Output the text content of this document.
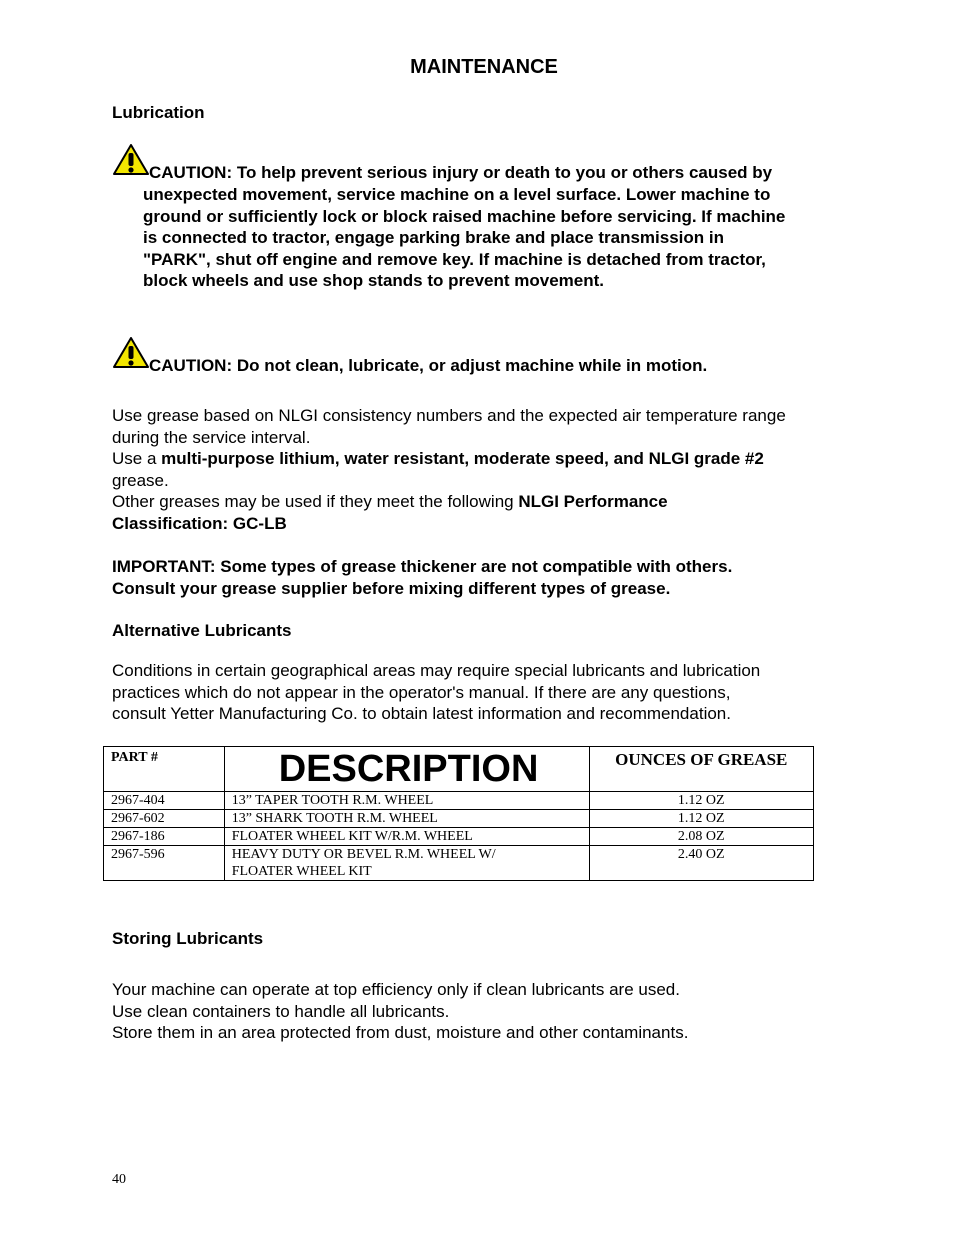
MAINTENANCE
Lubrication
CAUTION: To help prevent serious injury or death to you or others caused by
unexpected movement, service machine on a level surface. Lower machine to
ground or sufficiently lock or block raised machine before servicing. If machine
is connected to tractor, engage parking brake and place transmission in
"PARK", shut off engine and remove key. If machine is detached from tractor,
block wheels and use shop stands to prevent movement.
CAUTION: Do not clean, lubricate, or adjust machine while in motion.
Use grease based on NLGI consistency numbers and the expected air temperature range
during the service interval.
Use a multi-purpose lithium, water resistant, moderate speed, and NLGI grade #2
grease.
Other greases may be used if they meet the following NLGI Performance
Classification: GC-LB
IMPORTANT: Some types of grease thickener are not compatible with others.
Consult your grease supplier before mixing different types of grease.
Alternative Lubricants
Conditions in certain geographical areas may require special lubricants and lubrication
practices which do not appear in the operator's manual. If there are any questions,
consult Yetter Manufacturing Co. to obtain latest information and recommendation.
PART #	DESCRIPTION	OUNCES OF GREASE
2967-404	13” TAPER TOOTH R.M. WHEEL	1.12 OZ
2967-602	13” SHARK TOOTH R.M. WHEEL	1.12 OZ
2967-186	FLOATER WHEEL KIT W/R.M. WHEEL	2.08 OZ
2967-596	HEAVY DUTY OR BEVEL R.M. WHEEL W/
FLOATER WHEEL KIT	2.40 OZ
Storing Lubricants
Your machine can operate at top efficiency only if clean lubricants are used.
Use clean containers to handle all lubricants.
Store them in an area protected from dust, moisture and other contaminants.
40
